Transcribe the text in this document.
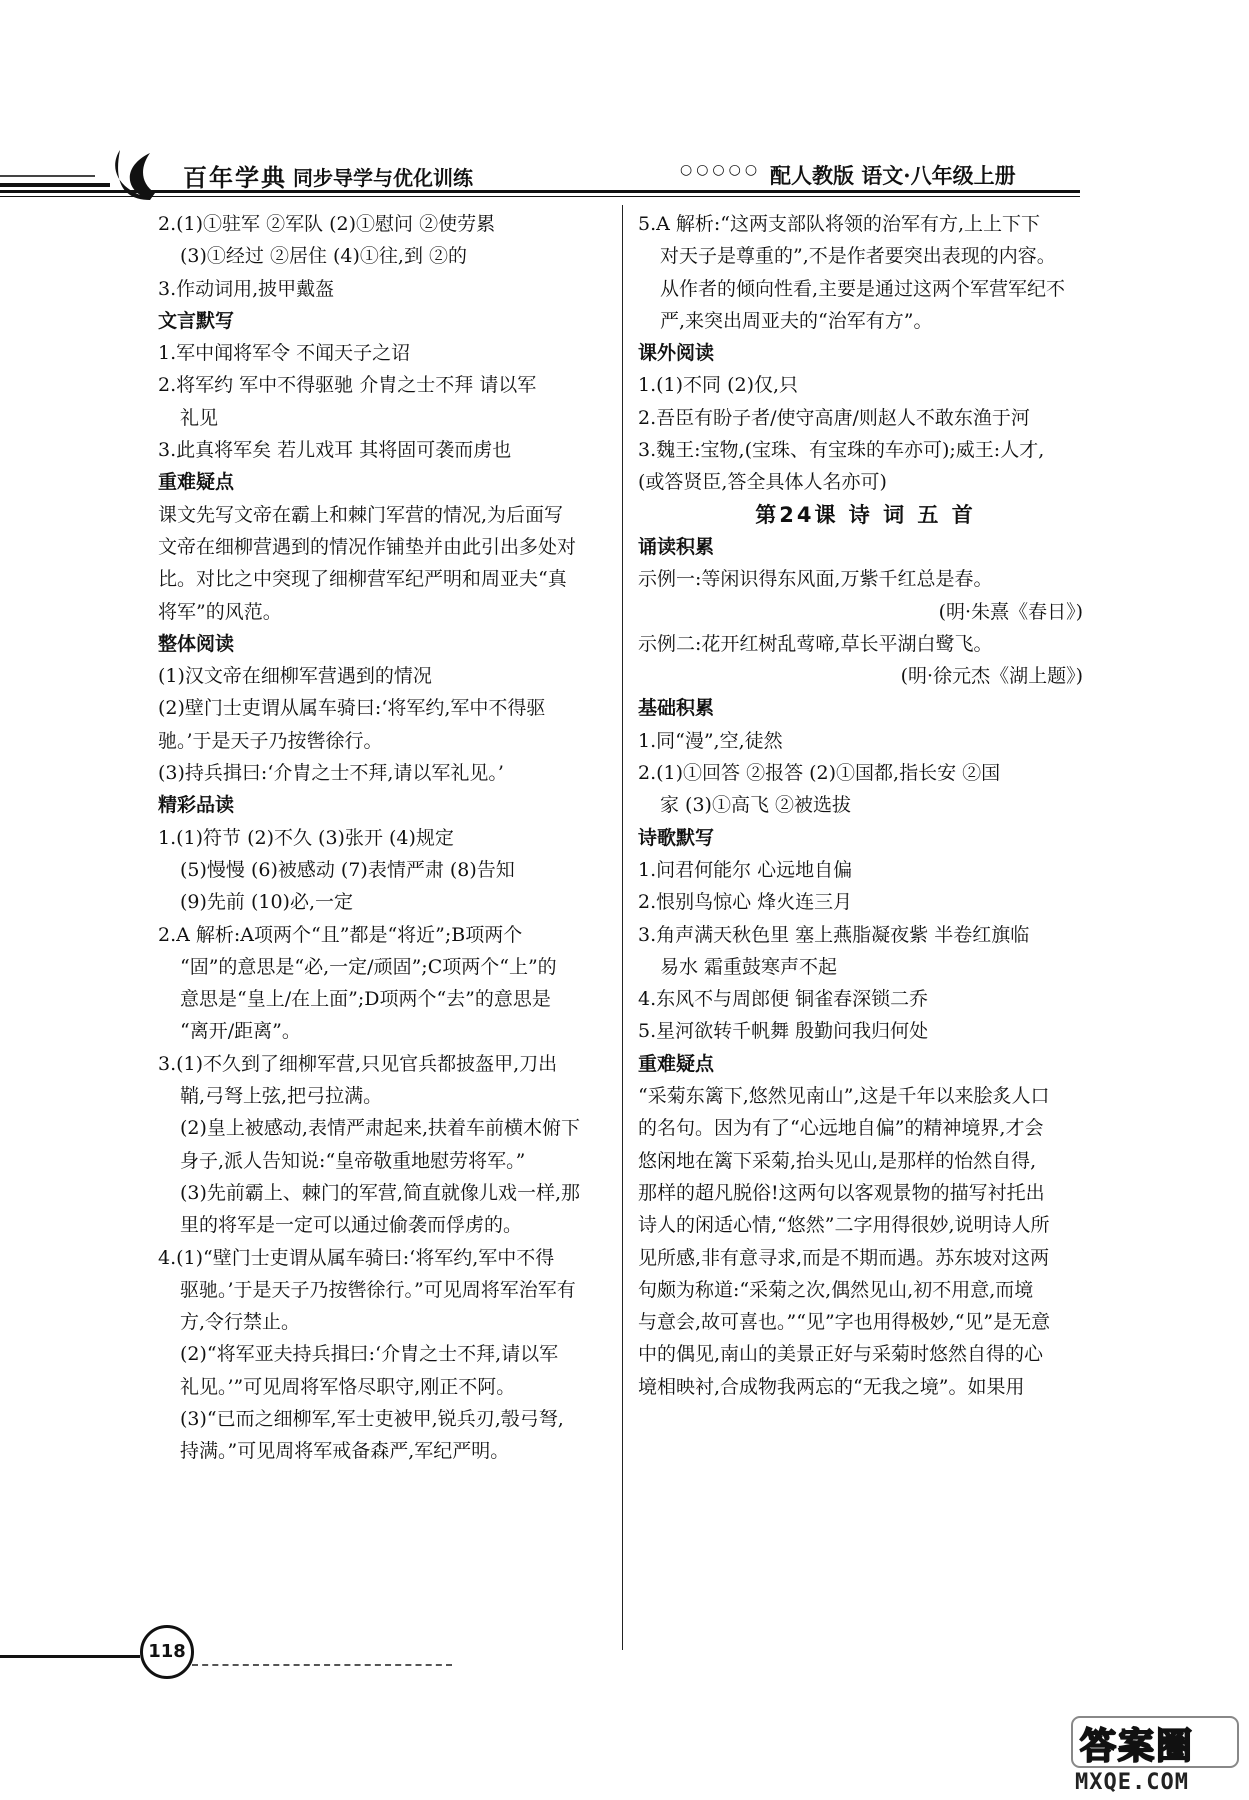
百年学典 同步导学与优化训练	○○○○○ 配人教版 语文·八年级上册
2.(1)①驻军 ②军队 (2)①慰问 ②使劳累
(3)①经过 ②居住 (4)①往,到 ②的
3.作动词用,披甲戴盔
文言默写
1.军中闻将军令 不闻天子之诏
2.将军约 军中不得驱驰 介胄之士不拜 请以军
礼见
3.此真将军矣 若儿戏耳 其将固可袭而虏也
重难疑点
课文先写文帝在霸上和棘门军营的情况,为后面写
文帝在细柳营遇到的情况作铺垫并由此引出多处对
比。对比之中突现了细柳营军纪严明和周亚夫“真
将军”的风范。
整体阅读
(1)汉文帝在细柳军营遇到的情况
(2)壁门士吏谓从属车骑曰:‘将军约,军中不得驱
驰。’于是天子乃按辔徐行。
(3)持兵揖曰:‘介胄之士不拜,请以军礼见。’
精彩品读
1.(1)符节 (2)不久 (3)张开 (4)规定
(5)慢慢 (6)被感动 (7)表情严肃 (8)告知
(9)先前 (10)必,一定
2.A 解析:A项两个“且”都是“将近”;B项两个
“固”的意思是“必,一定/顽固”;C项两个“上”的
意思是“皇上/在上面”;D项两个“去”的意思是
“离开/距离”。
3.(1)不久到了细柳军营,只见官兵都披盔甲,刀出
鞘,弓弩上弦,把弓拉满。
(2)皇上被感动,表情严肃起来,扶着车前横木俯下
身子,派人告知说:“皇帝敬重地慰劳将军。”
(3)先前霸上、棘门的军营,简直就像儿戏一样,那
里的将军是一定可以通过偷袭而俘虏的。
4.(1)“壁门士吏谓从属车骑曰:‘将军约,军中不得
驱驰。’于是天子乃按辔徐行。”可见周将军治军有
方,令行禁止。
(2)“将军亚夫持兵揖曰:‘介胄之士不拜,请以军
礼见。’”可见周将军恪尽职守,刚正不阿。
(3)“已而之细柳军,军士吏被甲,锐兵刃,彀弓弩,
持满。”可见周将军戒备森严,军纪严明。
5.A 解析:“这两支部队将领的治军有方,上上下下
对天子是尊重的”,不是作者要突出表现的内容。
从作者的倾向性看,主要是通过这两个军营军纪不
严,来突出周亚夫的“治军有方”。
课外阅读
1.(1)不同 (2)仅,只
2.吾臣有盼子者/使守高唐/则赵人不敢东渔于河
3.魏王:宝物,(宝珠、有宝珠的车亦可);威王:人才,
(或答贤臣,答全具体人名亦可)
第24课 诗 词 五 首
诵读积累
示例一:等闲识得东风面,万紫千红总是春。
(明·朱熹《春日》)
示例二:花开红树乱莺啼,草长平湖白鹭飞。
(明·徐元杰《湖上题》)
基础积累
1.同“漫”,空,徒然
2.(1)①回答 ②报答 (2)①国都,指长安 ②国
家 (3)①高飞 ②被选拔
诗歌默写
1.问君何能尔 心远地自偏
2.恨别鸟惊心 烽火连三月
3.角声满天秋色里 塞上燕脂凝夜紫 半卷红旗临
易水 霜重鼓寒声不起
4.东风不与周郎便 铜雀春深锁二乔
5.星河欲转千帆舞 殷勤问我归何处
重难疑点
“采菊东篱下,悠然见南山”,这是千年以来脍炙人口
的名句。因为有了“心远地自偏”的精神境界,才会
悠闲地在篱下采菊,抬头见山,是那样的怡然自得,
那样的超凡脱俗!这两句以客观景物的描写衬托出
诗人的闲适心情,“悠然”二字用得很妙,说明诗人所
见所感,非有意寻求,而是不期而遇。苏东坡对这两
句颇为称道:“采菊之次,偶然见山,初不用意,而境
与意会,故可喜也。”“见”字也用得极妙,“见”是无意
中的偶见,南山的美景正好与采菊时悠然自得的心
境相映衬,合成物我两忘的“无我之境”。如果用
118
答案圈
MXQE.COM
